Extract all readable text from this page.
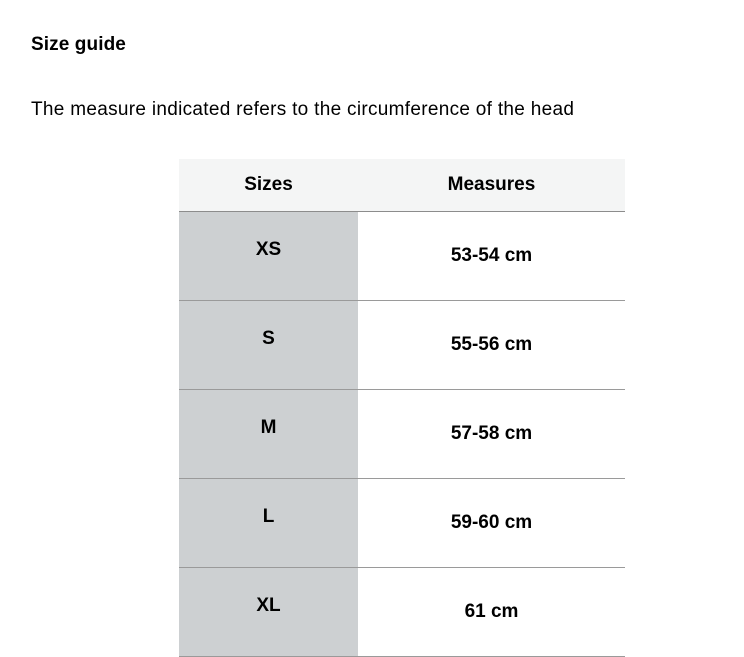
Size guide

The measure indicated refers to the circumference of the head

Sizes	Measures
XS	53-54 cm
S	55-56 cm
M	57-58 cm
L	59-60 cm
XL	61 cm
